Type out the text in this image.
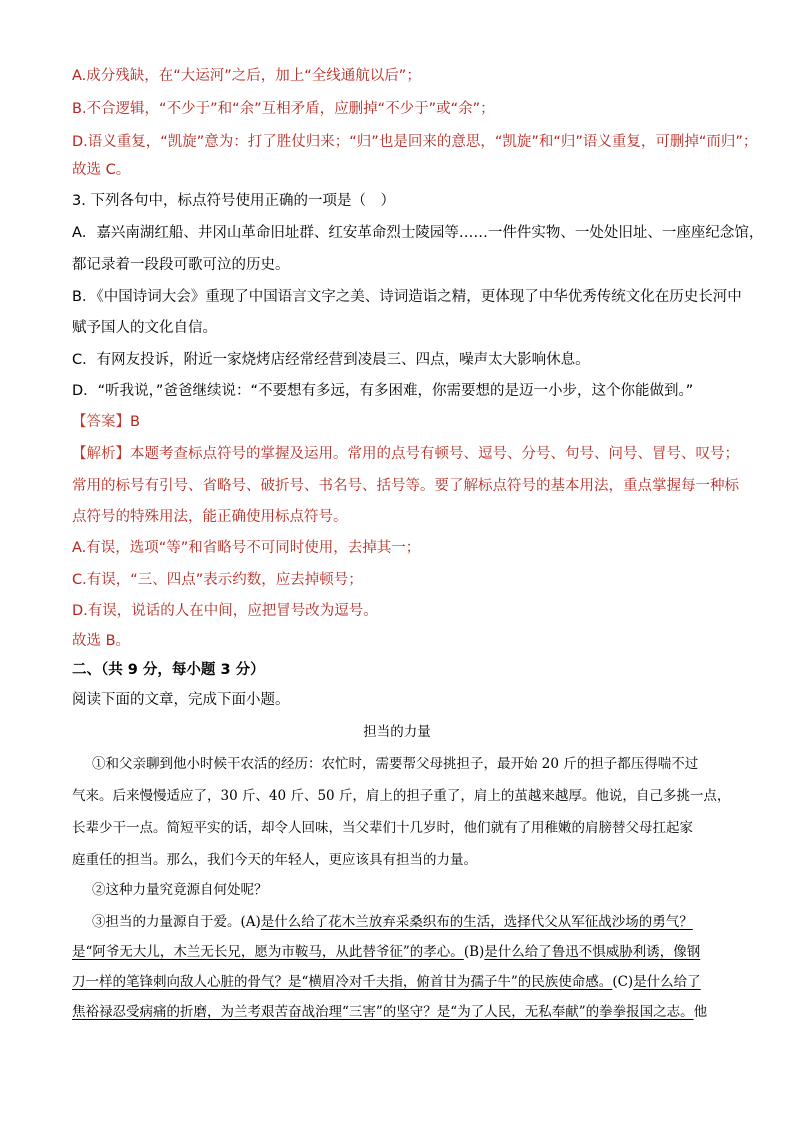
A.成分残缺，在“大运河”之后，加上“全线通航以后”；
B.不合逻辑，“不少于”和“余”互相矛盾，应删掉“不少于”或“余”；
D.语义重复，“凯旋”意为：打了胜仗归来；“归”也是回来的意思，“凯旋”和“归”语义重复，可删掉“而归”；
故选 C。
3. 下列各句中，标点符号使用正确的一项是（　）
A．嘉兴南湖红船、井冈山革命旧址群、红安革命烈士陵园等……一件件实物、一处处旧址、一座座纪念馆，
都记录着一段段可歌可泣的历史。
B．《中国诗词大会》重现了中国语言文字之美、诗词造诣之精，更体现了中华优秀传统文化在历史长河中
赋予国人的文化自信。
C．有网友投诉，附近一家烧烤店经常经营到凌晨三、四点，噪声太大影响休息。
D．“听我说，”爸爸继续说：“不要想有多远，有多困难，你需要想的是迈一小步，这个你能做到。”
【答案】B
【解析】本题考查标点符号的掌握及运用。常用的点号有顿号、逗号、分号、句号、问号、冒号、叹号；
常用的标号有引号、省略号、破折号、书名号、括号等。要了解标点符号的基本用法，重点掌握每一种标
点符号的特殊用法，能正确使用标点符号。
A.有误，选项“等”和省略号不可同时使用，去掉其一；
C.有误，“三、四点”表示约数，应去掉顿号；
D.有误，说话的人在中间，应把冒号改为逗号。
故选 B。
二、（共 9 分，每小题 3 分）
阅读下面的文章，完成下面小题。
担当的力量
①和父亲聊到他小时候干农活的经历：农忙时，需要帮父母挑担子，最开始 20 斤的担子都压得喘不过
气来。后来慢慢适应了，30 斤、40 斤、50 斤，肩上的担子重了，肩上的茧越来越厚。他说，自己多挑一点，
长辈少干一点。简短平实的话，却令人回味，当父辈们十几岁时，他们就有了用稚嫩的肩膀替父母扛起家
庭重任的担当。那么，我们今天的年轻人，更应该具有担当的力量。
②这种力量究竟源自何处呢？
③担当的力量源自于爱。(A)是什么给了花木兰放弃采桑织布的生活，选择代父从军征战沙场的勇气？
是“阿爷无大儿，木兰无长兄，愿为市鞍马，从此替爷征”的孝心。(B)是什么给了鲁迅不惧威胁利诱，像钢
刀一样的笔锋刺向敌人心脏的骨气？是“横眉冷对千夫指，俯首甘为孺子牛”的民族使命感。(C)是什么给了
焦裕禄忍受病痛的折磨，为兰考艰苦奋战治理“三害”的坚守？是“为了人民，无私奉献”的拳拳报国之志。他
